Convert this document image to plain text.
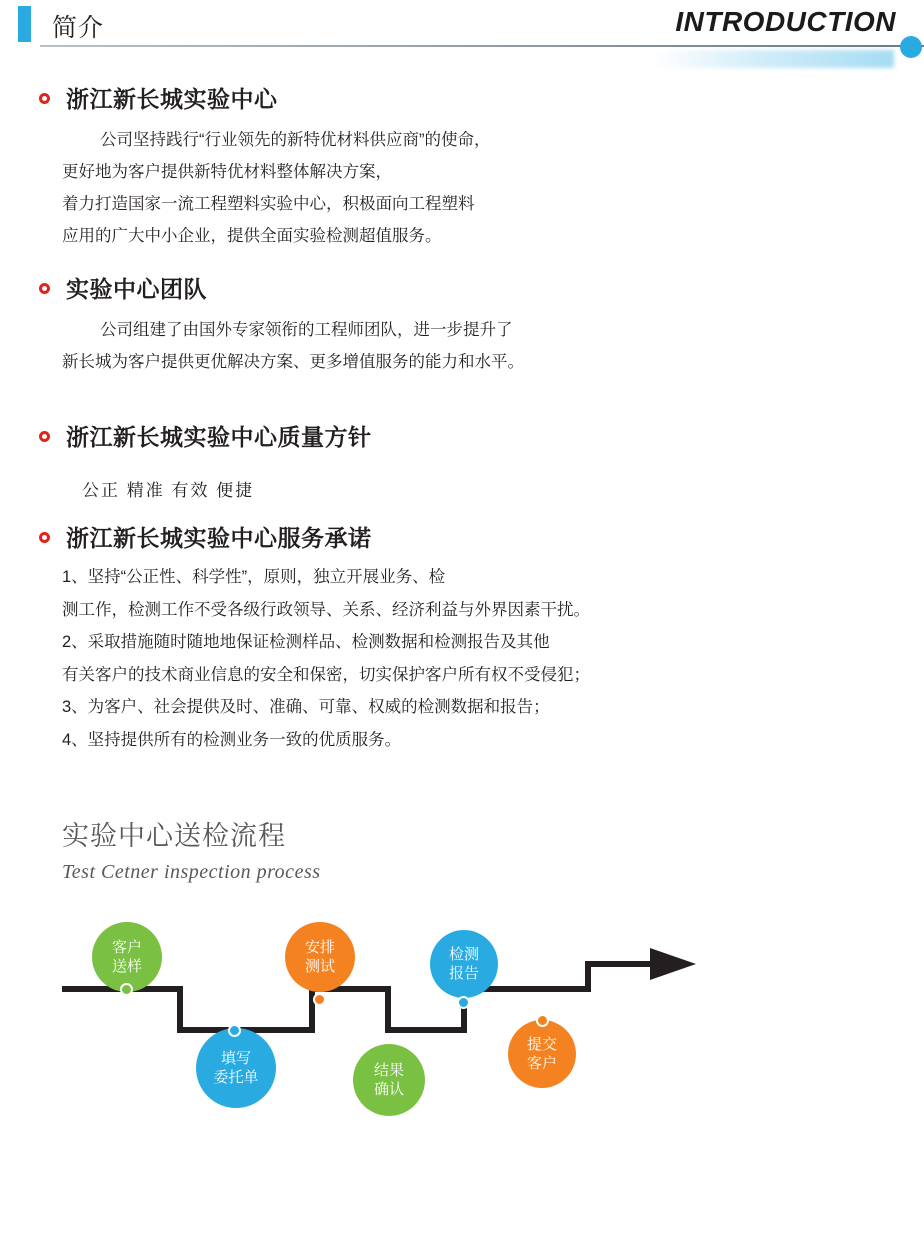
简介	INTRODUCTION
浙江新长城实验中心
公司坚持践行“行业领先的新特优材料供应商”的使命，
更好地为客户提供新特优材料整体解决方案，
着力打造国家一流工程塑料实验中心，积极面向工程塑料
应用的广大中小企业，提供全面实验检测超值服务。
实验中心团队
公司组建了由国外专家领衔的工程师团队，进一步提升了
新长城为客户提供更优解决方案、更多增值服务的能力和水平。
浙江新长城实验中心质量方针
公正 精准 有效 便捷
浙江新长城实验中心服务承诺
1、坚持“公正性、科学性”，原则，独立开展业务、检
测工作，检测工作不受各级行政领导、关系、经济利益与外界因素干扰。
2、采取措施随时随地地保证检测样品、检测数据和检测报告及其他
有关客户的技术商业信息的安全和保密，切实保护客户所有权不受侵犯；
3、为客户、社会提供及时、准确、可靠、权威的检测数据和报告；
4、坚持提供所有的检测业务一致的优质服务。
实验中心送检流程
Test Cetner inspection process
客户
送样
填写
委托单
安排
测试
结果
确认
检测
报告
提交
客户
